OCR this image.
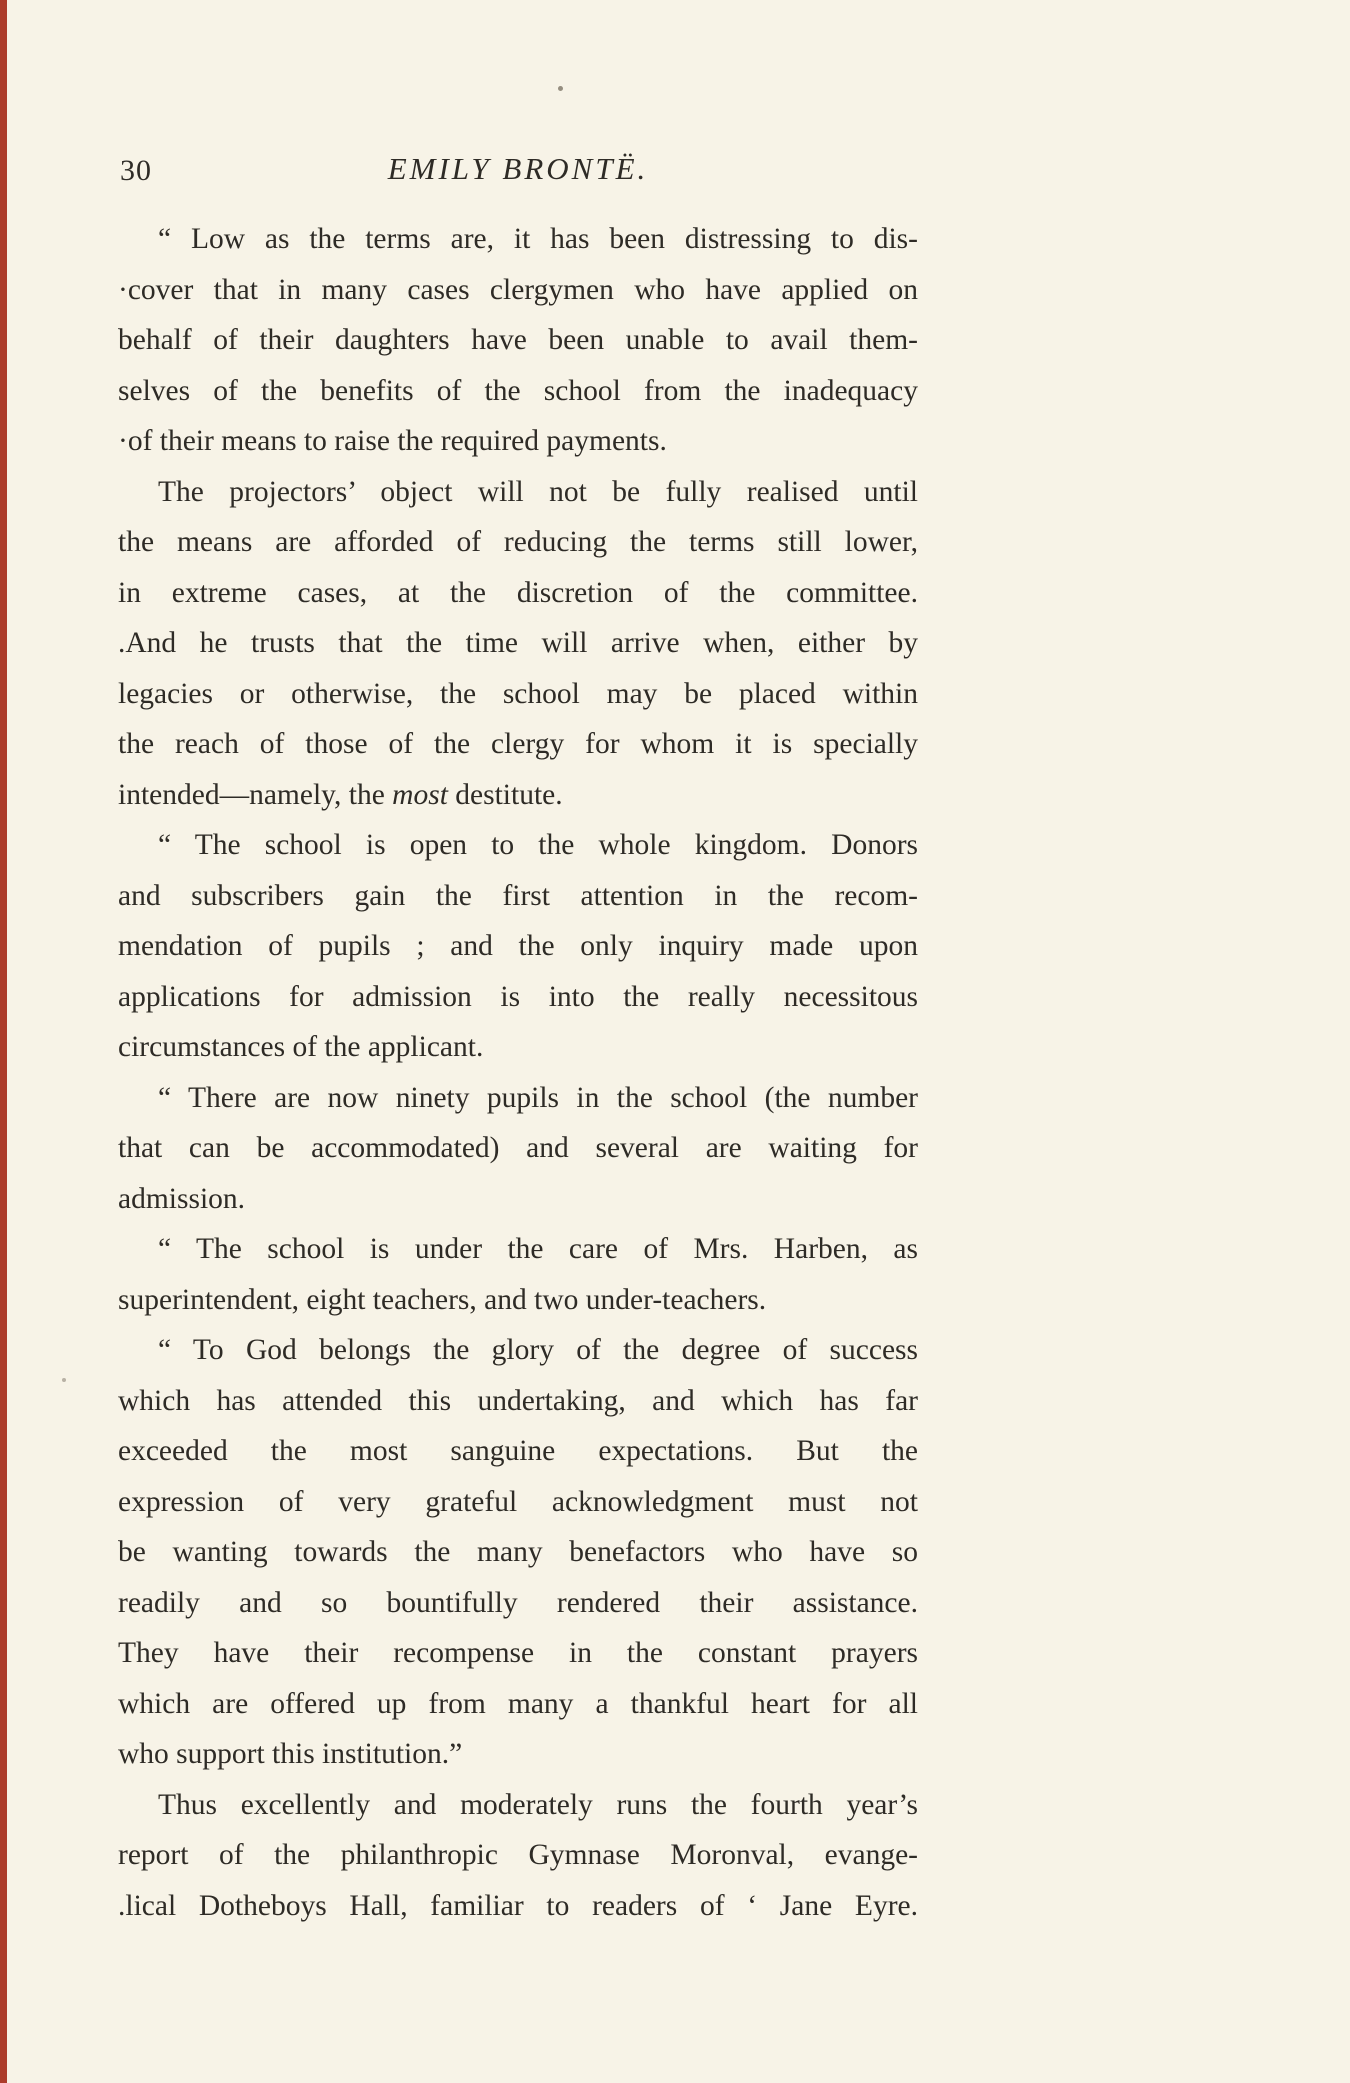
30	EMILY BRONTË.
“ Low as the terms are, it has been distressing to dis-
·cover that in many cases clergymen who have applied on
behalf of their daughters have been unable to avail them-
selves of the benefits of the school from the inadequacy
·of their means to raise the required payments.
The projectors’ object will not be fully realised until
the means are afforded of reducing the terms still lower,
in extreme cases, at the discretion of the committee.
.And he trusts that the time will arrive when, either by
legacies or otherwise, the school may be placed within
the reach of those of the clergy for whom it is specially
intended—namely, the most destitute.
“ The school is open to the whole kingdom. Donors
and subscribers gain the first attention in the recom-
mendation of pupils ; and the only inquiry made upon
applications for admission is into the really necessitous
circumstances of the applicant.
“ There are now ninety pupils in the school (the number
that can be accommodated) and several are waiting for
admission.
“ The school is under the care of Mrs. Harben, as
superintendent, eight teachers, and two under-teachers.
“ To God belongs the glory of the degree of success
which has attended this undertaking, and which has far
exceeded the most sanguine expectations. But the
expression of very grateful acknowledgment must not
be wanting towards the many benefactors who have so
readily and so bountifully rendered their assistance.
They have their recompense in the constant prayers
which are offered up from many a thankful heart for all
who support this institution.”
Thus excellently and moderately runs the fourth year’s
report of the philanthropic Gymnase Moronval, evange-
.lical Dotheboys Hall, familiar to readers of ‘ Jane Eyre.
